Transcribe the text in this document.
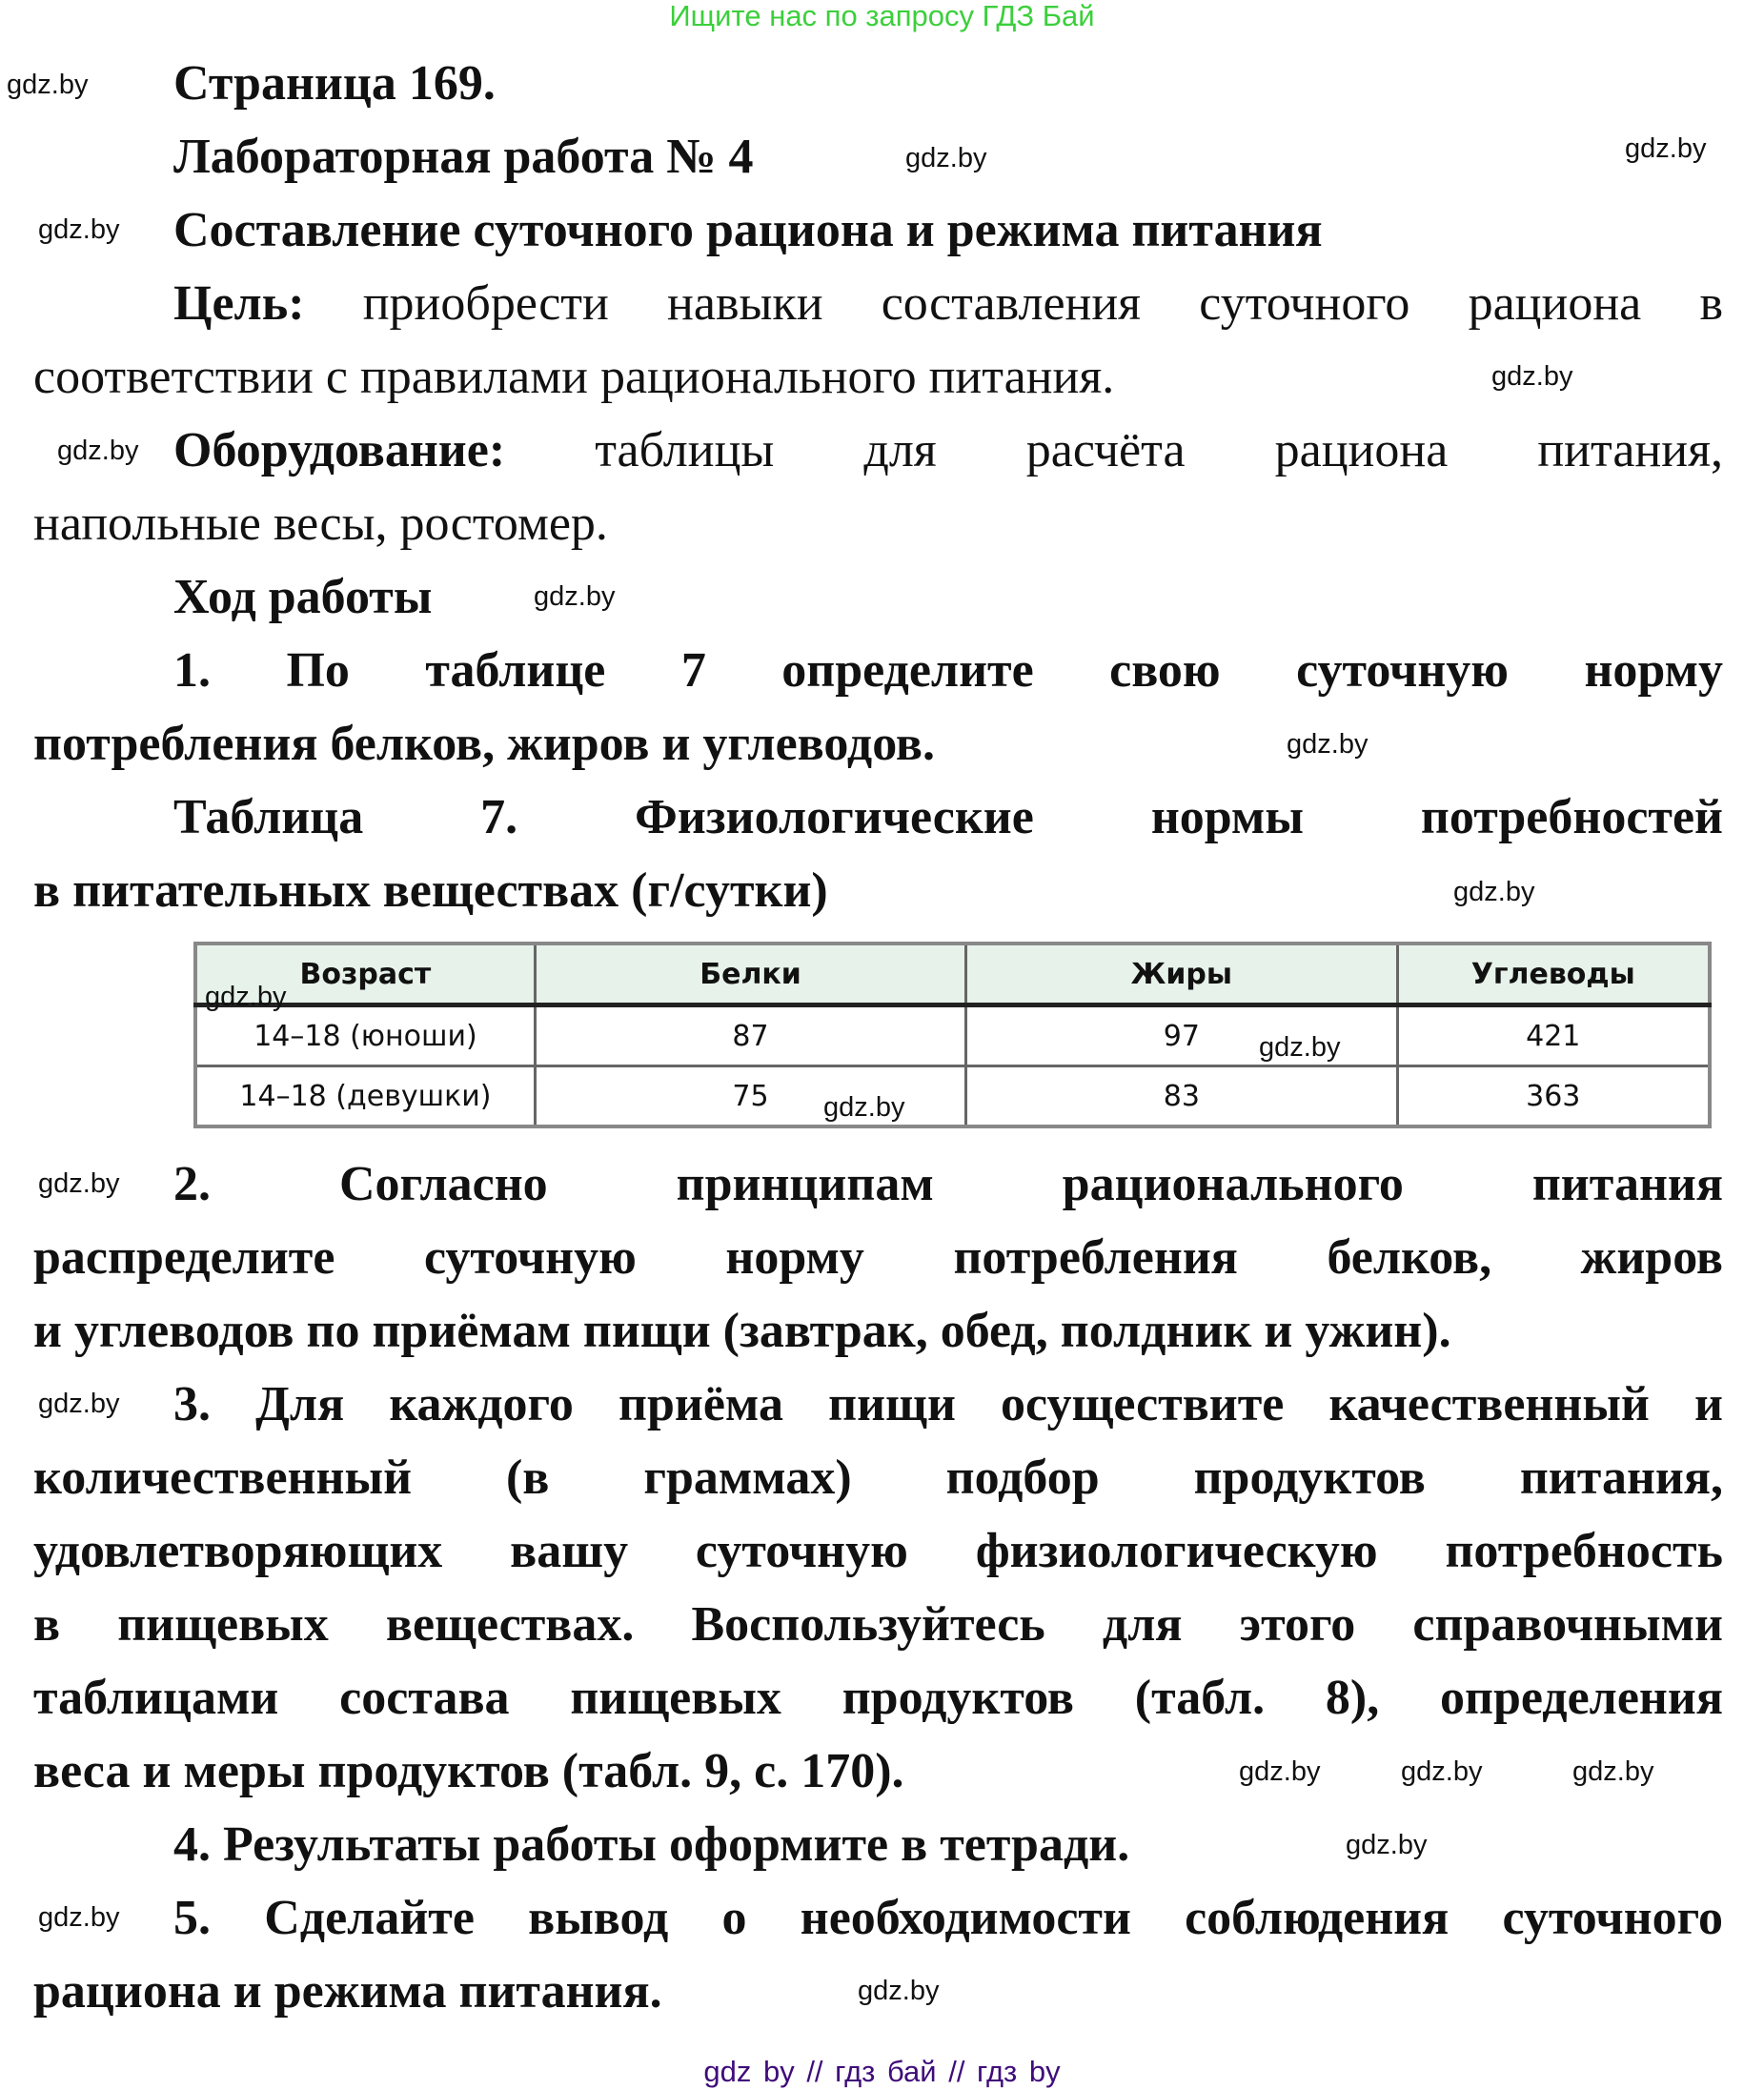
Ищите нас по запросу ГДЗ Бай
Страница 169.
Лабораторная работа № 4
Составление суточного рациона и режима питания
Цель: приобрести навыки составления суточного рациона в
соответствии с правилами рационального питания.
Оборудование: таблицы для расчёта рациона питания,
напольные весы, ростомер.
Ход работы
1. По таблице 7 определите свою суточную норму
потребления белков, жиров и углеводов.
Таблица 7. Физиологические нормы потребностей
в питательных веществах (г/сутки)
Возраст	Белки	Жиры	Углеводы
14–18 (юноши)	87	97	421
14–18 (девушки)	75	83	363
2. Согласно принципам рационального питания
распределите суточную норму потребления белков, жиров
и углеводов по приёмам пищи (завтрак, обед, полдник и ужин).
3. Для каждого приёма пищи осуществите качественный и
количественный (в граммах) подбор продуктов питания,
удовлетворяющих вашу суточную физиологическую потребность
в пищевых веществах. Воспользуйтесь для этого справочными
таблицами состава пищевых продуктов (табл. 8), определения
веса и меры продуктов (табл. 9, с. 170).
4. Результаты работы оформите в тетради.
5. Сделайте вывод о необходимости соблюдения суточного
рациона и режима питания.
gdz.by
gdz.by
gdz.by
gdz.by
gdz.by
gdz.by
gdz.by
gdz.by
gdz.by
gdz.by
gdz.by
gdz.by
gdz.by
gdz.by
gdz.by	gdz.by
gdz.by
gdz.by
gdz.by
gdz.by
gdz by // гдз бай // гдз by
